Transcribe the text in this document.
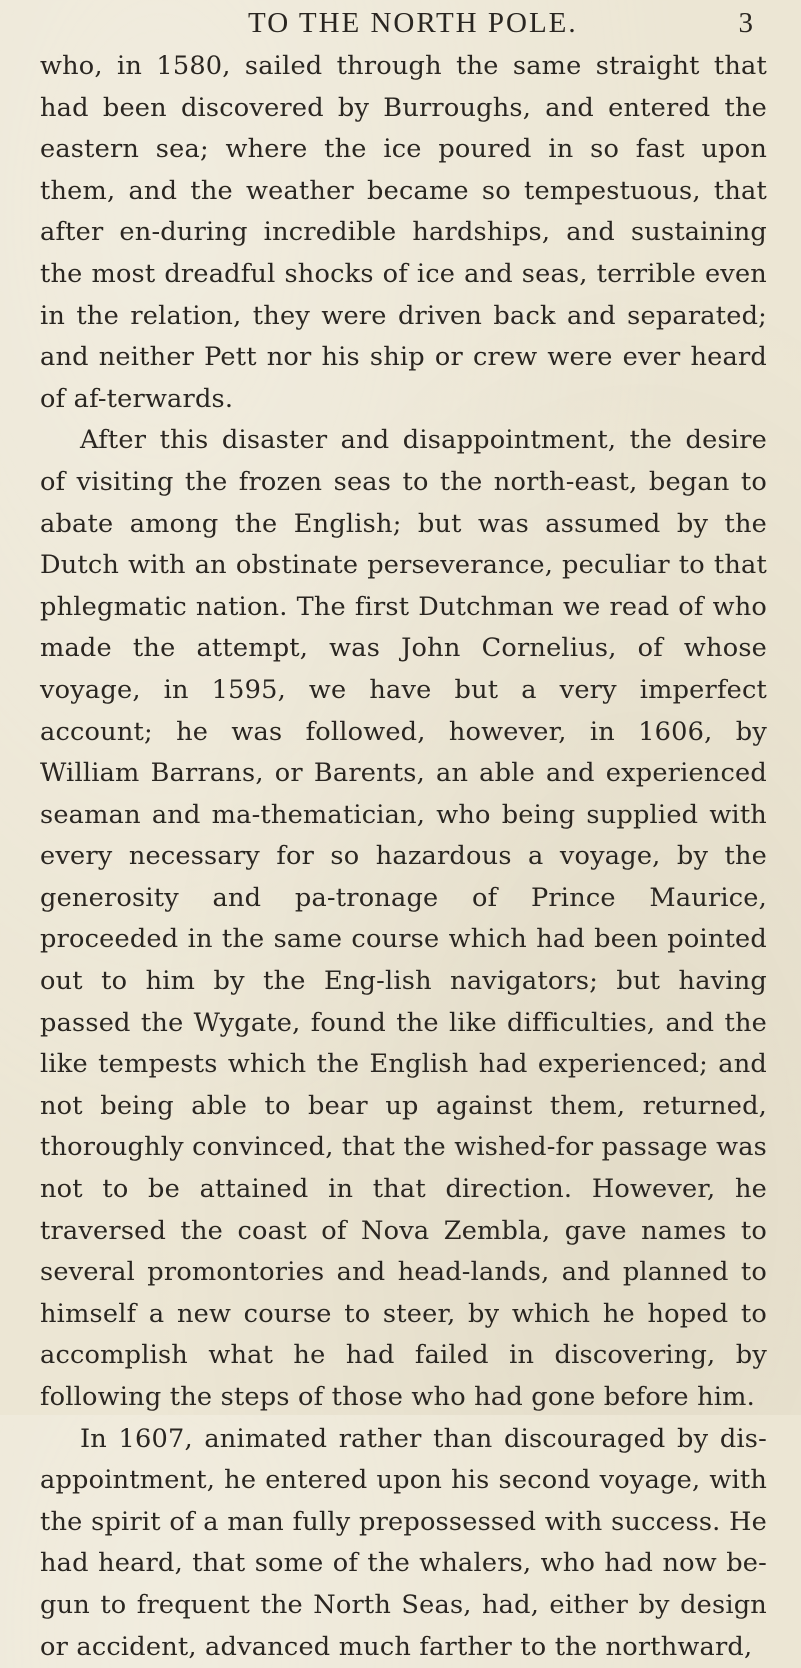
TO THE NORTH POLE.	3

who, in 1580, sailed through the same straight that had been discovered by Burroughs, and entered the eastern sea; where the ice poured in so fast upon them, and the weather became so tempestuous, that after en-during incredible hardships, and sustaining the most dreadful shocks of ice and seas, terrible even in the relation, they were driven back and separated; and neither Pett nor his ship or crew were ever heard of af-terwards.

After this disaster and disappointment, the desire of visiting the frozen seas to the north-east, began to abate among the English; but was assumed by the Dutch with an obstinate perseverance, peculiar to that phlegmatic nation. The first Dutchman we read of who made the attempt, was John Cornelius, of whose voyage, in 1595, we have but a very imperfect account; he was followed, however, in 1606, by William Barrans, or Barents, an able and experienced seaman and ma-thematician, who being supplied with every necessary for so hazardous a voyage, by the generosity and pa-tronage of Prince Maurice, proceeded in the same course which had been pointed out to him by the Eng-lish navigators; but having passed the Wygate, found the like difficulties, and the like tempests which the English had experienced; and not being able to bear up against them, returned, thoroughly convinced, that the wished-for passage was not to be attained in that direction. However, he traversed the coast of Nova Zembla, gave names to several promontories and head-lands, and planned to himself a new course to steer, by which he hoped to accomplish what he had failed in discovering, by following the steps of those who had gone before him.

In 1607, animated rather than discouraged by dis-appointment, he entered upon his second voyage, with the spirit of a man fully prepossessed with success. He had heard, that some of the whalers, who had now be-gun to frequent the North Seas, had, either by design or accident, advanced much farther to the northward,
